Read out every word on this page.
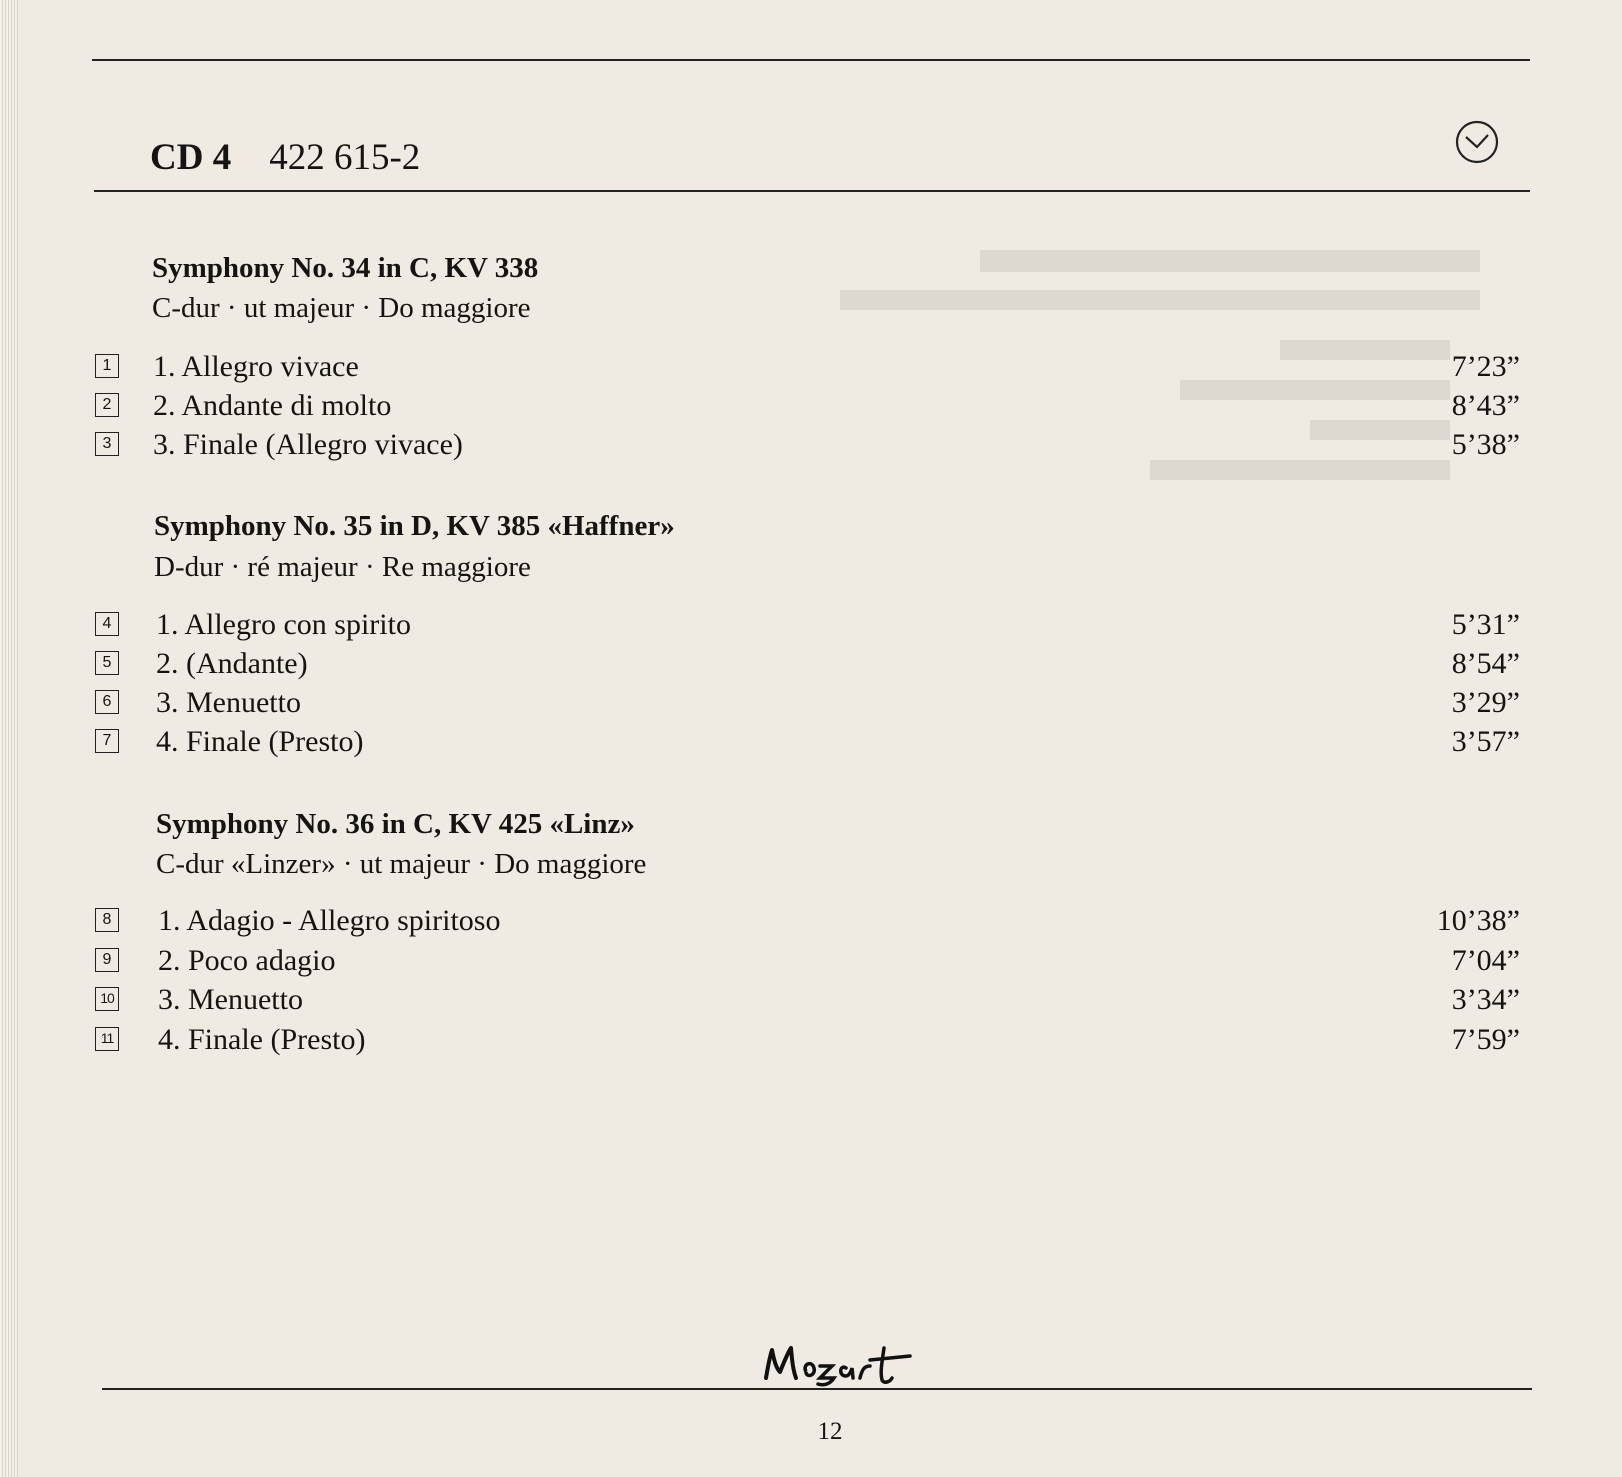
CD 4 422 615-2
Symphony No. 34 in C, KV 338
C-dur · ut majeur · Do maggiore
1 1. Allegro vivace	7’23”
2 2. Andante di molto	8’43”
3 3. Finale (Allegro vivace)	5’38”
Symphony No. 35 in D, KV 385 «Haffner»
D-dur · ré majeur · Re maggiore
4 1. Allegro con spirito	5’31”
5 2. (Andante)	8’54”
6 3. Menuetto	3’29”
7 4. Finale (Presto)	3’57”
Symphony No. 36 in C, KV 425 «Linz»
C-dur «Linzer» · ut majeur · Do maggiore
8 1. Adagio - Allegro spiritoso	10’38”
9 2. Poco adagio	7’04”
10 3. Menuetto	3’34”
11 4. Finale (Presto)	7’59”
12
